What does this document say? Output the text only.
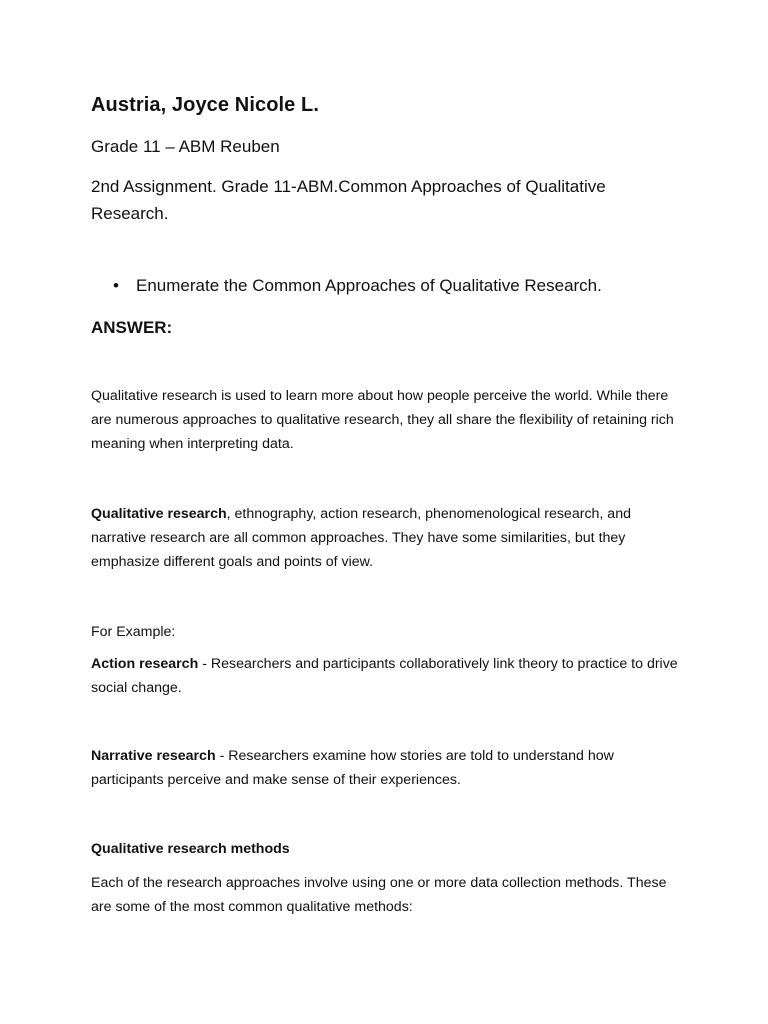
Austria, Joyce Nicole L.
Grade 11 – ABM Reuben
2nd Assignment. Grade 11-ABM.Common Approaches of Qualitative Research.
• Enumerate the Common Approaches of Qualitative Research.
ANSWER:
Qualitative research is used to learn more about how people perceive the world. While there are numerous approaches to qualitative research, they all share the flexibility of retaining rich meaning when interpreting data.
Qualitative research, ethnography, action research, phenomenological research, and narrative research are all common approaches. They have some similarities, but they emphasize different goals and points of view.
For Example:
Action research - Researchers and participants collaboratively link theory to practice to drive social change.
Narrative research - Researchers examine how stories are told to understand how participants perceive and make sense of their experiences.
Qualitative research methods
Each of the research approaches involve using one or more data collection methods. These are some of the most common qualitative methods:
